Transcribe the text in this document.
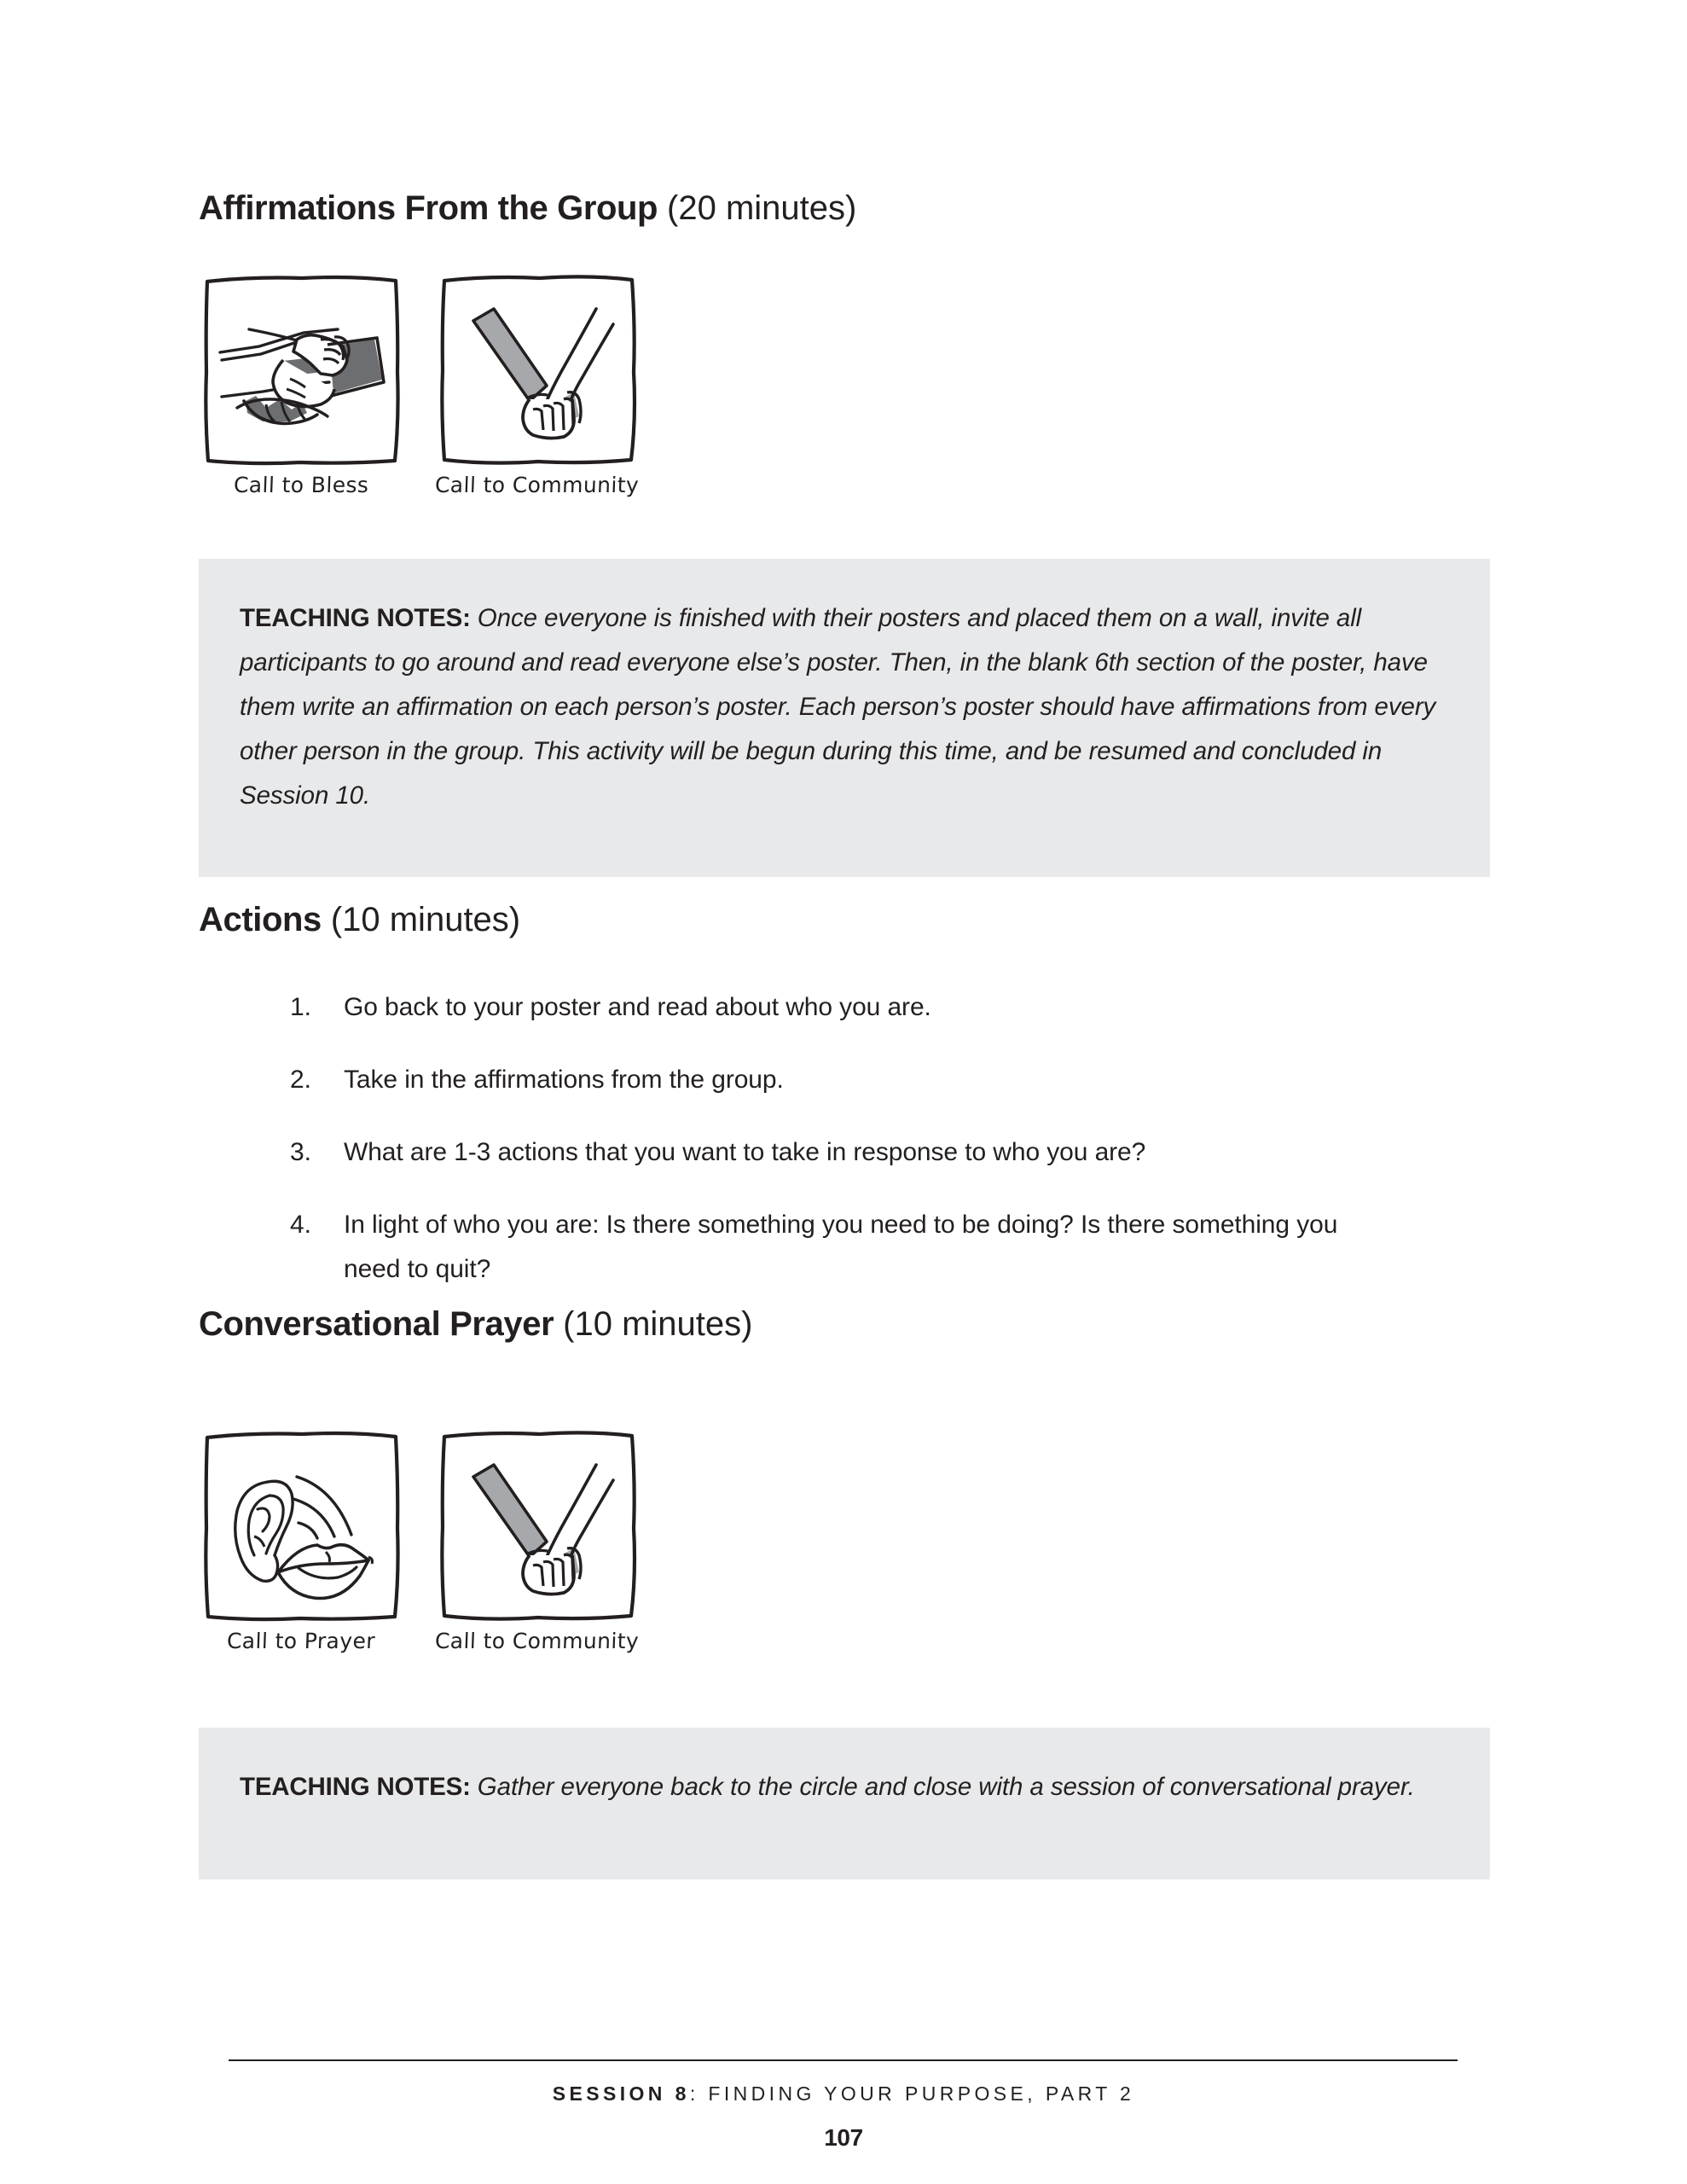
Affirmations From the Group (20 minutes)
Call to Bless	Call to Community
TEACHING NOTES: Once everyone is finished with their posters and placed them on a wall, invite all participants to go around and read everyone else’s poster. Then, in the blank 6th section of the poster, have them write an affirmation on each person’s poster. Each person’s poster should have affirmations from every other person in the group. This activity will be begun during this time, and be resumed and concluded in Session 10.
Actions (10 minutes)
1.	Go back to your poster and read about who you are.
2.	Take in the affirmations from the group.
3.	What are 1-3 actions that you want to take in response to who you are?
4.	In light of who you are: Is there something you need to be doing? Is there something you need to quit?
Conversational Prayer (10 minutes)
Call to Prayer	Call to Community
TEACHING NOTES: Gather everyone back to the circle and close with a session of conversational prayer.
SESSION 8: FINDING YOUR PURPOSE, PART 2
107
